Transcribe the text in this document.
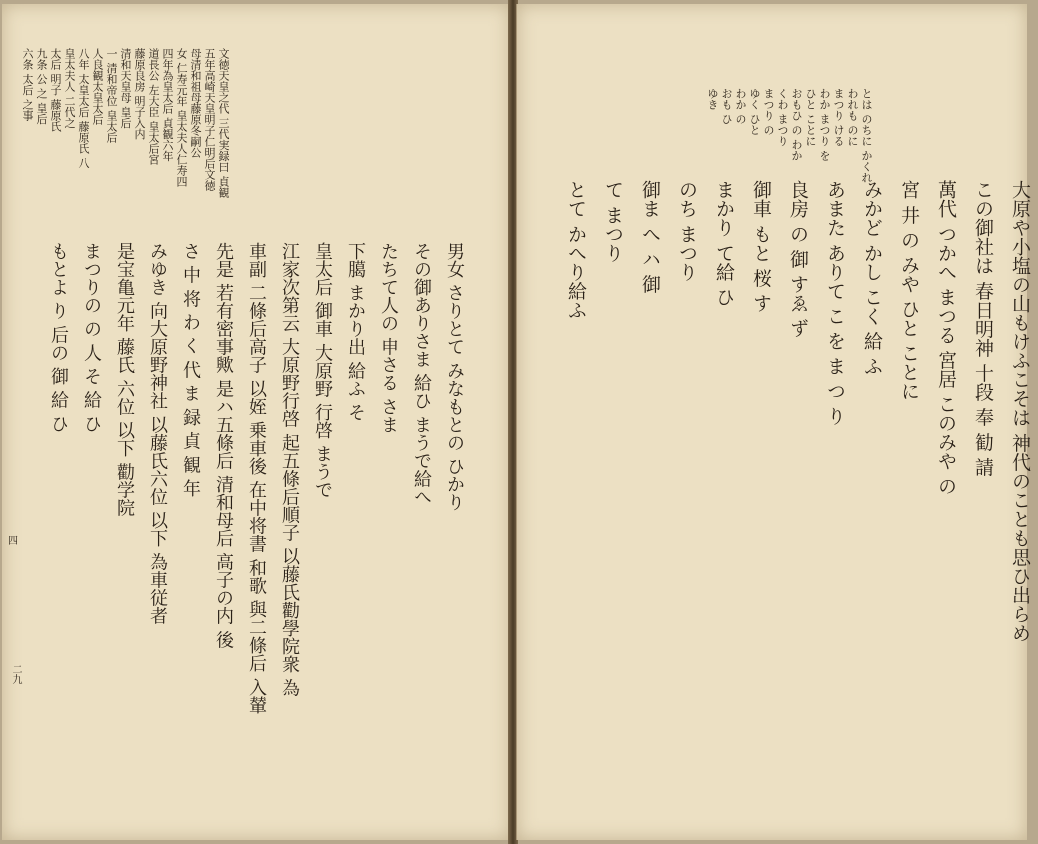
文徳天皇之代 三代実録曰 貞観

五年高崎天皇明子仁明后文徳

母清和祖母藤原冬嗣公

女 仁寿元年 皇太夫人仁寿四

四年為皇太后 貞観六年

道長公 左大臣 皇太后宮

藤原良房 明子入内

清和天皇母 皇后

一 清和帝位 皇太后

人良観太皇太后

八年 太皇太后 藤原氏 八

皇太夫人 二代之

太后 明子 藤原氏

九条 公 之 皇后

六条 太后 之事

男女 さりとて みなもとの ひかり

その御ありさま 給ひ まうで給へ

たちて人の 申さる さま

下臈 まかり出 給ふ そ

皇太后 御車 大原野 行啓 まうで

江家次第云 大原野行啓 起五條后順子 以藤氏勸學院衆 為

車副 二條后高子 以姪 乗車後 在中将書 和歌 與二條后 入輦

先是 若有密事歟 是ハ五條后 清和母后 高子の内 後

さ 中 将 わ く 代 ま 録 貞 観 年

みゆき 向大原野神社 以藤氏六位 以下 為車従者

是宝亀元年 藤氏 六位 以下 勸学院

まつりの の 人 そ 給 ひ

もとよ り 后の 御 給 ひ

四
二九

とは のちに かくれ

われも のに

まつり ける

わか まつり を

ひと ことに

おもひ の わか

くわ まつり

まつり の

ゆく ひと

わか の

おも ひ

ゆき

大原や小塩の山もけふこそは 神代のことも思ひ出らめ

この御社は 春日明神 十段 奉 勧 請

萬代 つかへ まつる 宮居 このみや の

宮 井 の みや ひと ことに

みかど かし こく 給 ふ

あまた ありて こ を ま つ り

良房 の 御 すゑ ず

御車 もと 桜 す

まかり て給 ひ

のち まつり

御ま へ ハ 御

て まつり

とて かへり給ふ
